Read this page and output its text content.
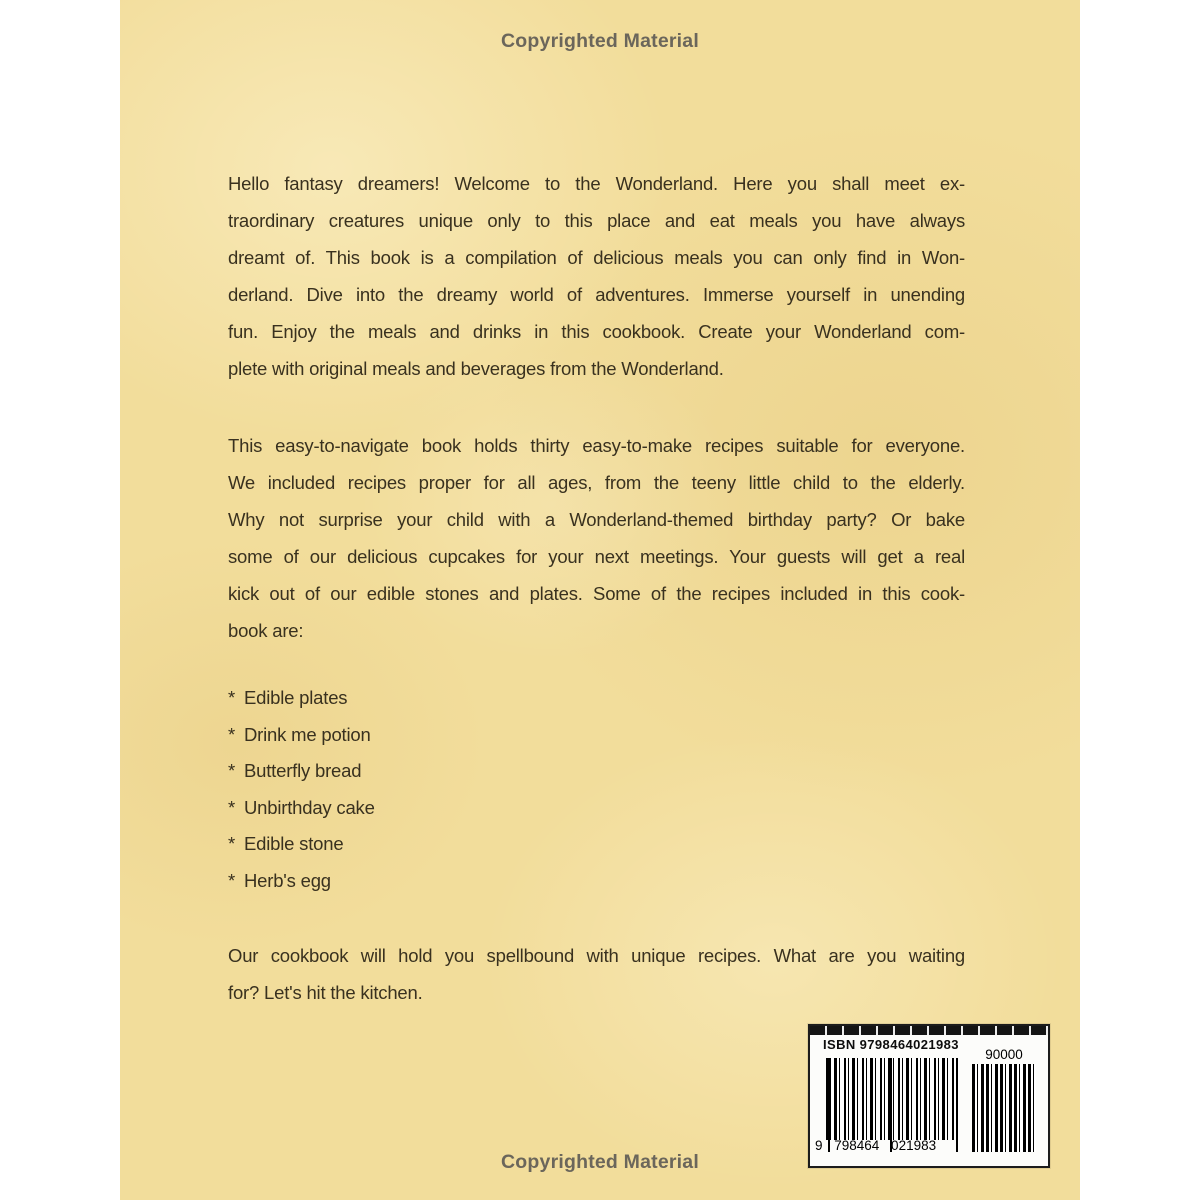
Hello fantasy dreamers! Welcome to the Wonderland. Here you shall meet ex-
traordinary creatures unique only to this place and eat meals you have always
dreamt of. This book is a compilation of delicious meals you can only find in Won-
derland. Dive into the dreamy world of adventures. Immerse yourself in unending
fun. Enjoy the meals and drinks in this cookbook. Create your Wonderland com-
plete with original meals and beverages from the Wonderland.
This easy-to-navigate book holds thirty easy-to-make recipes suitable for everyone.
We included recipes proper for all ages, from the teeny little child to the elderly.
Why not surprise your child with a Wonderland-themed birthday party? Or bake
some of our delicious cupcakes for your next meetings. Your guests will get a real
kick out of our edible stones and plates. Some of the recipes included in this cook-
book are:
* Edible plates
* Drink me potion
* Butterfly bread
* Unbirthday cake
* Edible stone
* Herb's egg
Our cookbook will hold you spellbound with unique recipes. What are you waiting
for? Let's hit the kitchen.
ISBN 9798464021983
9 798464 021983
90000
Copyrighted Material
Copyrighted Material
